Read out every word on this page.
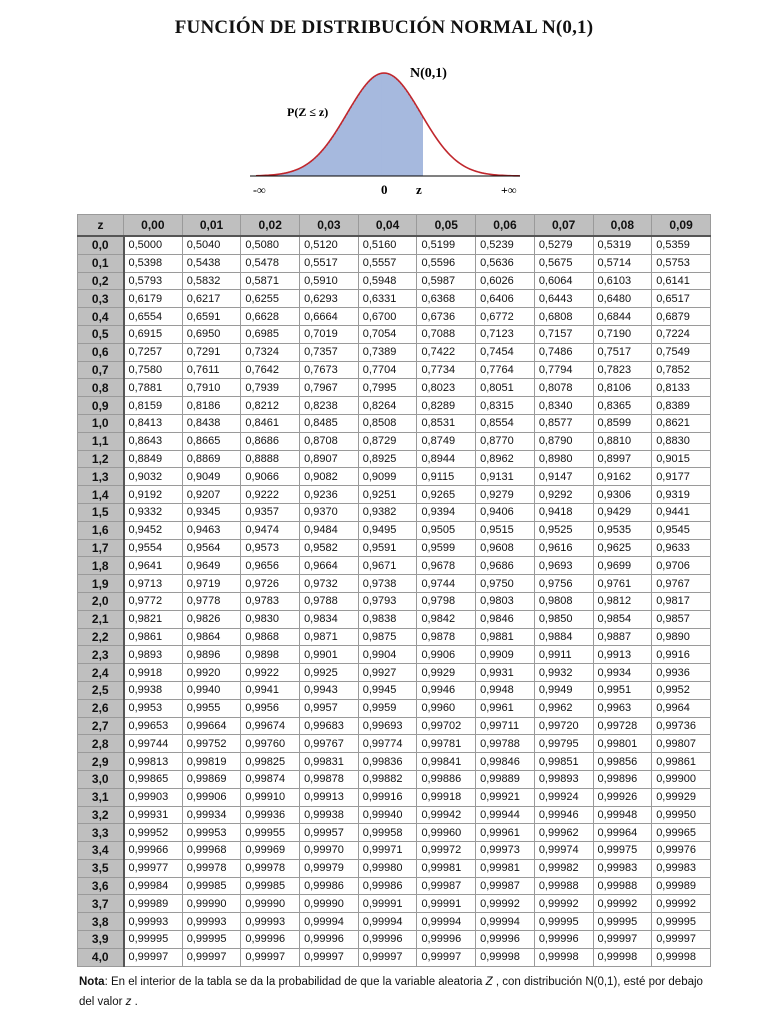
FUNCIÓN DE DISTRIBUCIÓN NORMAL N(0,1)
N(0,1)
P(Z ≤ z)
-∞	0 z	+∞
z	0,00	0,01	0,02	0,03	0,04	0,05	0,06	0,07	0,08	0,09
0,0	0,5000	0,5040	0,5080	0,5120	0,5160	0,5199	0,5239	0,5279	0,5319	0,5359
0,1	0,5398	0,5438	0,5478	0,5517	0,5557	0,5596	0,5636	0,5675	0,5714	0,5753
0,2	0,5793	0,5832	0,5871	0,5910	0,5948	0,5987	0,6026	0,6064	0,6103	0,6141
0,3	0,6179	0,6217	0,6255	0,6293	0,6331	0,6368	0,6406	0,6443	0,6480	0,6517
0,4	0,6554	0,6591	0,6628	0,6664	0,6700	0,6736	0,6772	0,6808	0,6844	0,6879
0,5	0,6915	0,6950	0,6985	0,7019	0,7054	0,7088	0,7123	0,7157	0,7190	0,7224
0,6	0,7257	0,7291	0,7324	0,7357	0,7389	0,7422	0,7454	0,7486	0,7517	0,7549
0,7	0,7580	0,7611	0,7642	0,7673	0,7704	0,7734	0,7764	0,7794	0,7823	0,7852
0,8	0,7881	0,7910	0,7939	0,7967	0,7995	0,8023	0,8051	0,8078	0,8106	0,8133
0,9	0,8159	0,8186	0,8212	0,8238	0,8264	0,8289	0,8315	0,8340	0,8365	0,8389
1,0	0,8413	0,8438	0,8461	0,8485	0,8508	0,8531	0,8554	0,8577	0,8599	0,8621
1,1	0,8643	0,8665	0,8686	0,8708	0,8729	0,8749	0,8770	0,8790	0,8810	0,8830
1,2	0,8849	0,8869	0,8888	0,8907	0,8925	0,8944	0,8962	0,8980	0,8997	0,9015
1,3	0,9032	0,9049	0,9066	0,9082	0,9099	0,9115	0,9131	0,9147	0,9162	0,9177
1,4	0,9192	0,9207	0,9222	0,9236	0,9251	0,9265	0,9279	0,9292	0,9306	0,9319
1,5	0,9332	0,9345	0,9357	0,9370	0,9382	0,9394	0,9406	0,9418	0,9429	0,9441
1,6	0,9452	0,9463	0,9474	0,9484	0,9495	0,9505	0,9515	0,9525	0,9535	0,9545
1,7	0,9554	0,9564	0,9573	0,9582	0,9591	0,9599	0,9608	0,9616	0,9625	0,9633
1,8	0,9641	0,9649	0,9656	0,9664	0,9671	0,9678	0,9686	0,9693	0,9699	0,9706
1,9	0,9713	0,9719	0,9726	0,9732	0,9738	0,9744	0,9750	0,9756	0,9761	0,9767
2,0	0,9772	0,9778	0,9783	0,9788	0,9793	0,9798	0,9803	0,9808	0,9812	0,9817
2,1	0,9821	0,9826	0,9830	0,9834	0,9838	0,9842	0,9846	0,9850	0,9854	0,9857
2,2	0,9861	0,9864	0,9868	0,9871	0,9875	0,9878	0,9881	0,9884	0,9887	0,9890
2,3	0,9893	0,9896	0,9898	0,9901	0,9904	0,9906	0,9909	0,9911	0,9913	0,9916
2,4	0,9918	0,9920	0,9922	0,9925	0,9927	0,9929	0,9931	0,9932	0,9934	0,9936
2,5	0,9938	0,9940	0,9941	0,9943	0,9945	0,9946	0,9948	0,9949	0,9951	0,9952
2,6	0,9953	0,9955	0,9956	0,9957	0,9959	0,9960	0,9961	0,9962	0,9963	0,9964
2,7	0,99653	0,99664	0,99674	0,99683	0,99693	0,99702	0,99711	0,99720	0,99728	0,99736
2,8	0,99744	0,99752	0,99760	0,99767	0,99774	0,99781	0,99788	0,99795	0,99801	0,99807
2,9	0,99813	0,99819	0,99825	0,99831	0,99836	0,99841	0,99846	0,99851	0,99856	0,99861
3,0	0,99865	0,99869	0,99874	0,99878	0,99882	0,99886	0,99889	0,99893	0,99896	0,99900
3,1	0,99903	0,99906	0,99910	0,99913	0,99916	0,99918	0,99921	0,99924	0,99926	0,99929
3,2	0,99931	0,99934	0,99936	0,99938	0,99940	0,99942	0,99944	0,99946	0,99948	0,99950
3,3	0,99952	0,99953	0,99955	0,99957	0,99958	0,99960	0,99961	0,99962	0,99964	0,99965
3,4	0,99966	0,99968	0,99969	0,99970	0,99971	0,99972	0,99973	0,99974	0,99975	0,99976
3,5	0,99977	0,99978	0,99978	0,99979	0,99980	0,99981	0,99981	0,99982	0,99983	0,99983
3,6	0,99984	0,99985	0,99985	0,99986	0,99986	0,99987	0,99987	0,99988	0,99988	0,99989
3,7	0,99989	0,99990	0,99990	0,99990	0,99991	0,99991	0,99992	0,99992	0,99992	0,99992
3,8	0,99993	0,99993	0,99993	0,99994	0,99994	0,99994	0,99994	0,99995	0,99995	0,99995
3,9	0,99995	0,99995	0,99996	0,99996	0,99996	0,99996	0,99996	0,99996	0,99997	0,99997
4,0	0,99997	0,99997	0,99997	0,99997	0,99997	0,99997	0,99998	0,99998	0,99998	0,99998
Nota: En el interior de la tabla se da la probabilidad de que la variable aleatoria Z , con distribución N(0,1), esté por debajo del valor z .
